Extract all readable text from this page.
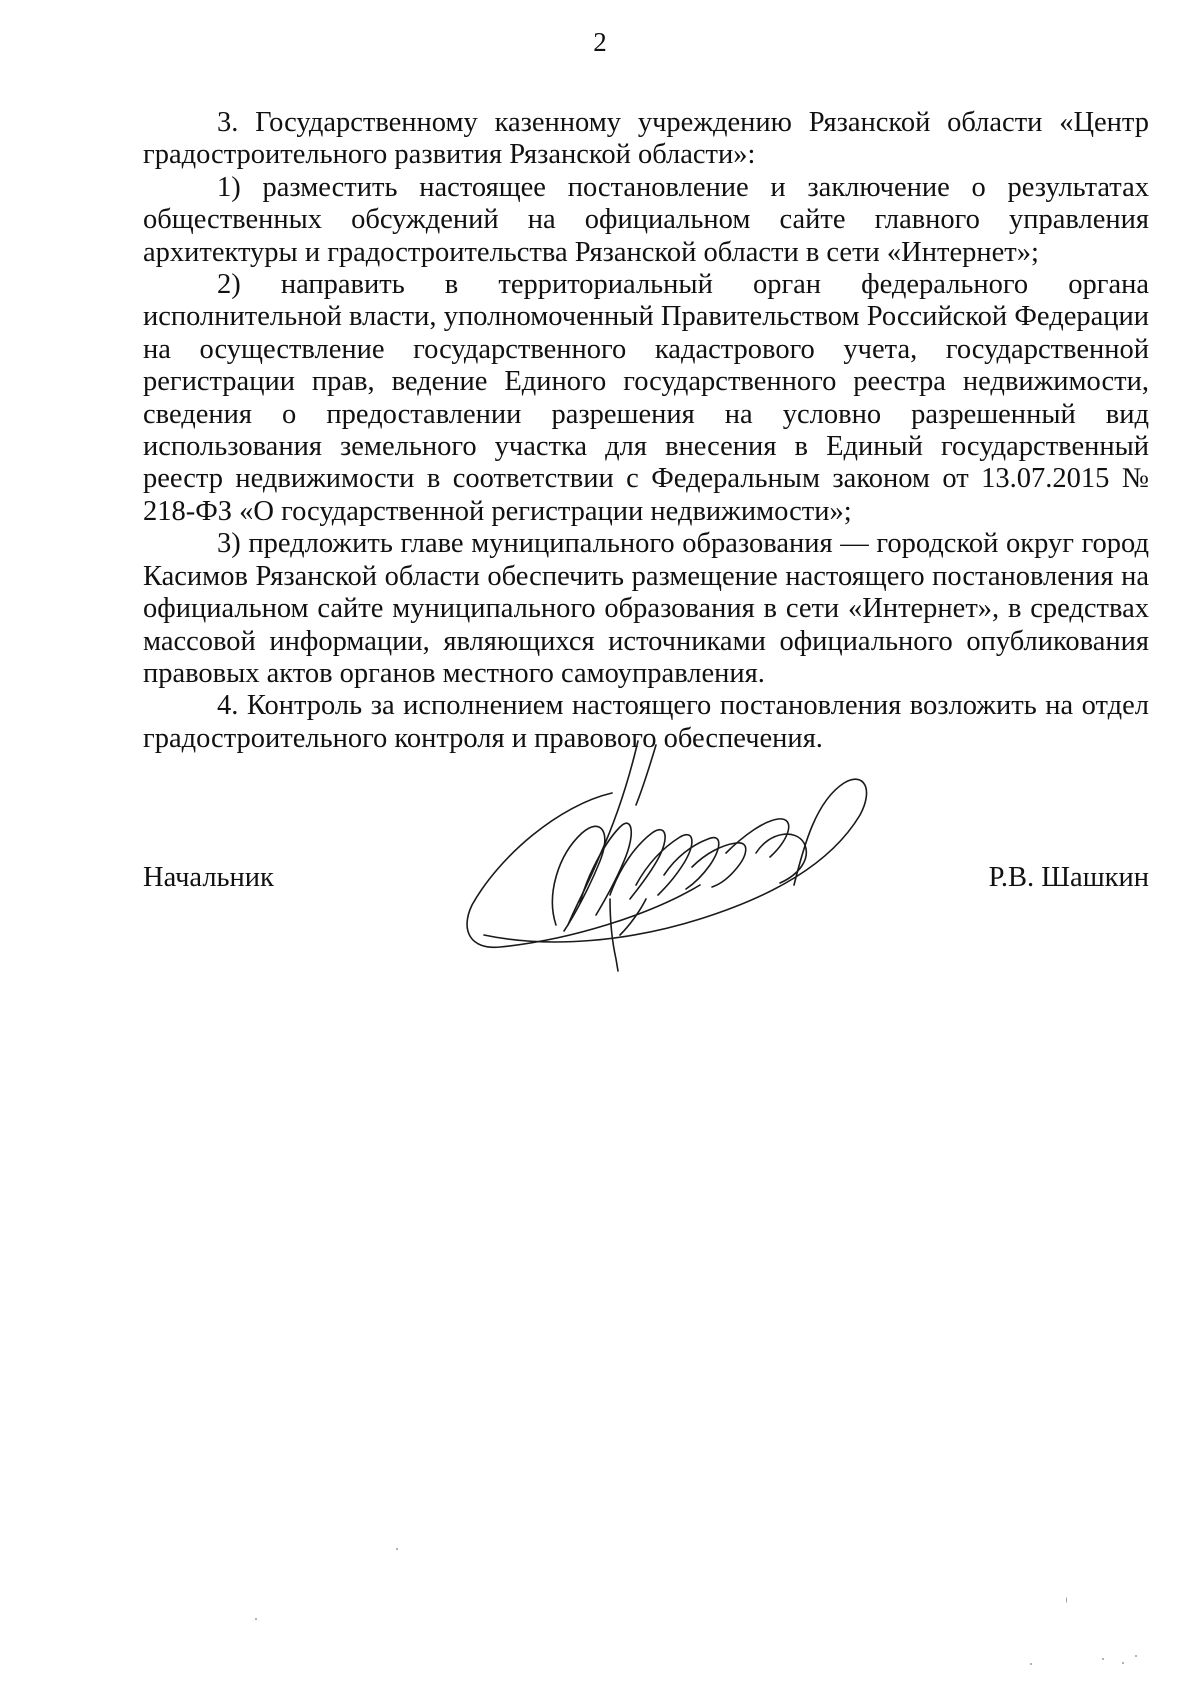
2

3. Государственному казенному учреждению Рязанской области «Центр градостроительного развития Рязанской области»:

1) разместить настоящее постановление и заключение о результатах общественных обсуждений на официальном сайте главного управления архитектуры и градостроительства Рязанской области в сети «Интернет»;

2) направить в территориальный орган федерального органа исполнительной власти, уполномоченный Правительством Российской Федерации на осуществление государственного кадастрового учета, государственной регистрации прав, ведение Единого государственного реестра недвижимости, сведения о предоставлении разрешения на условно разрешенный вид использования земельного участка для внесения в Единый государственный реестр недвижимости в соответствии с Федеральным законом от 13.07.2015 № 218-ФЗ «О государственной регистрации недвижимости»;

3) предложить главе муниципального образования — городской округ город Касимов Рязанской области обеспечить размещение настоящего постановления на официальном сайте муниципального образования в сети «Интернет», в средствах массовой информации, являющихся источниками официального опубликования правовых актов органов местного самоуправления.

4. Контроль за исполнением настоящего постановления возложить на отдел градостроительного контроля и правового обеспечения.

Начальник	Р.В. Шашкин
